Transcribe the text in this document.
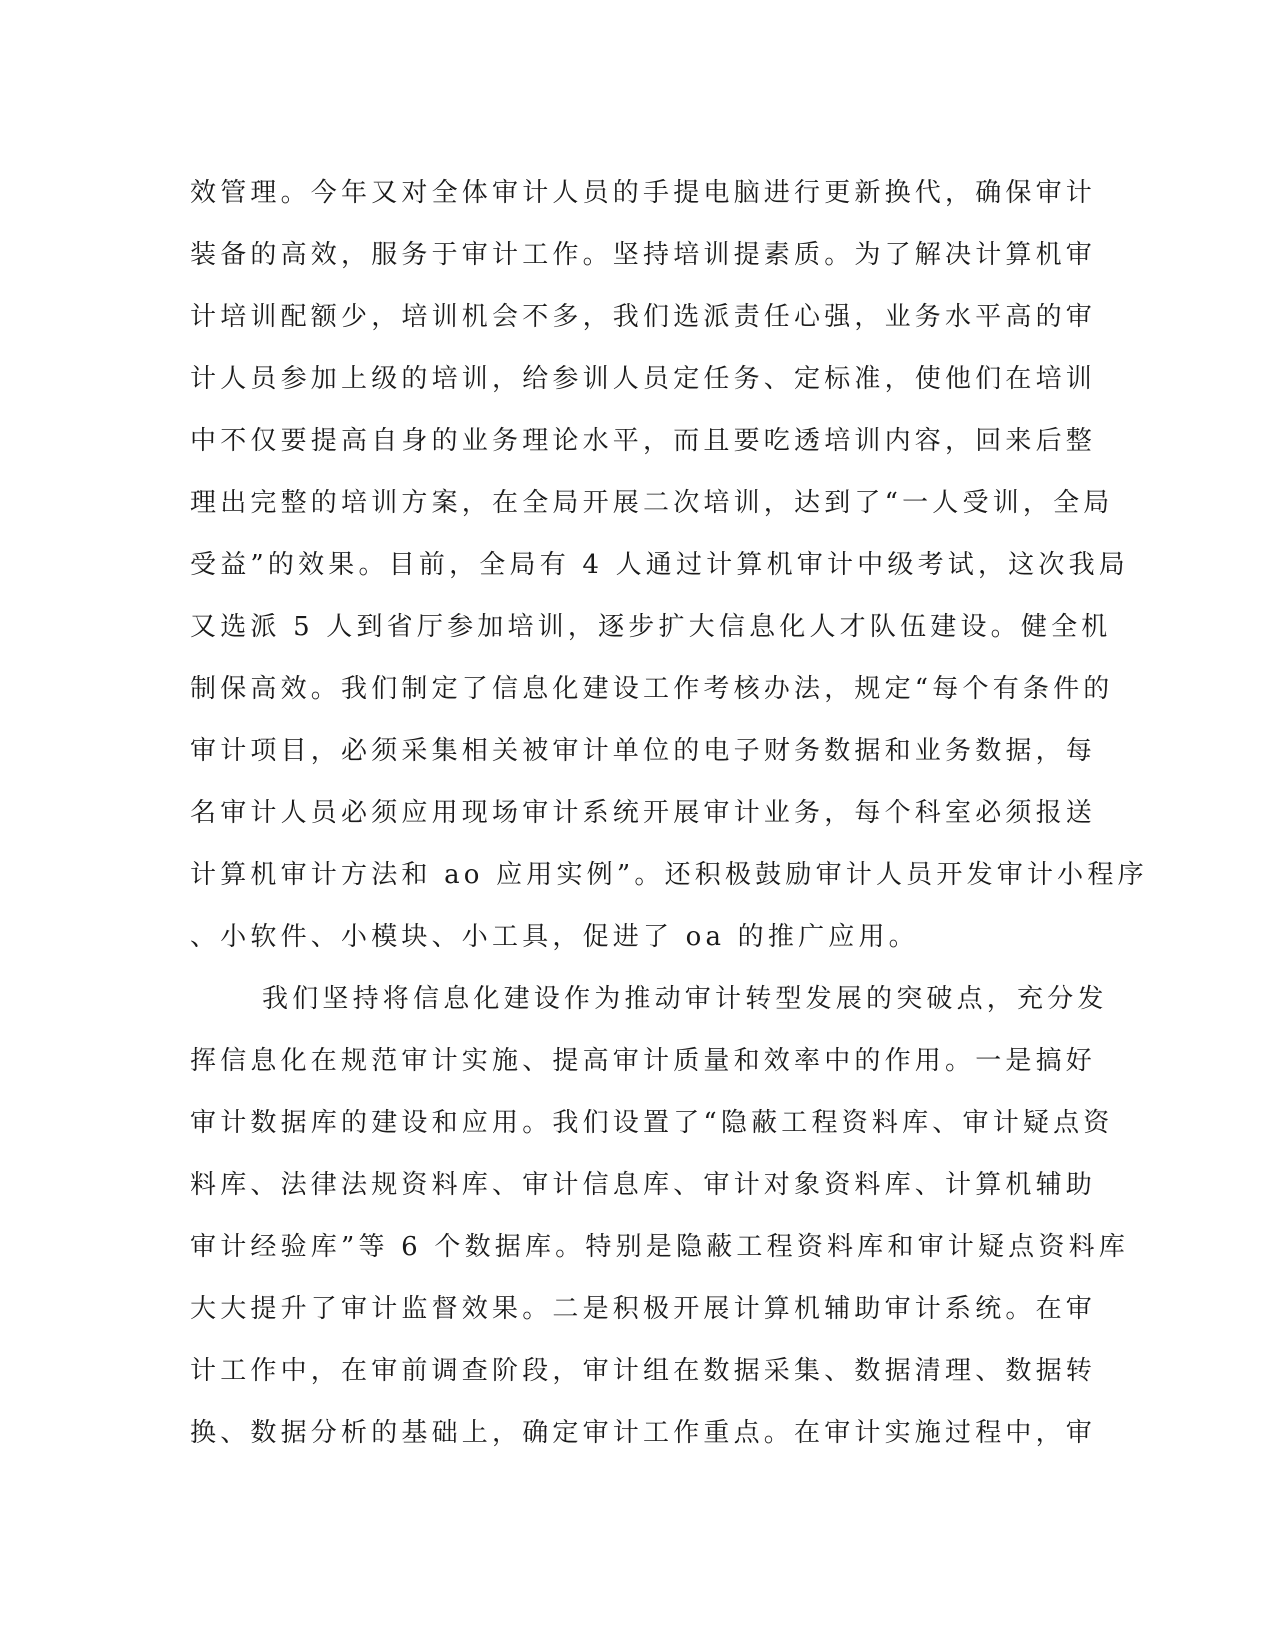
效管理。今年又对全体审计人员的手提电脑进行更新换代，确保审计
装备的高效，服务于审计工作。坚持培训提素质。为了解决计算机审
计培训配额少，培训机会不多，我们选派责任心强，业务水平高的审
计人员参加上级的培训，给参训人员定任务、定标准，使他们在培训
中不仅要提高自身的业务理论水平，而且要吃透培训内容，回来后整
理出完整的培训方案，在全局开展二次培训，达到了“一人受训，全局
受益”的效果。目前，全局有 4 人通过计算机审计中级考试，这次我局
又选派 5 人到省厅参加培训，逐步扩大信息化人才队伍建设。健全机
制保高效。我们制定了信息化建设工作考核办法，规定“每个有条件的
审计项目，必须采集相关被审计单位的电子财务数据和业务数据，每
名审计人员必须应用现场审计系统开展审计业务，每个科室必须报送
计算机审计方法和 ao 应用实例”。还积极鼓励审计人员开发审计小程序
、小软件、小模块、小工具，促进了 oa 的推广应用。
我们坚持将信息化建设作为推动审计转型发展的突破点，充分发
挥信息化在规范审计实施、提高审计质量和效率中的作用。一是搞好
审计数据库的建设和应用。我们设置了“隐蔽工程资料库、审计疑点资
料库、法律法规资料库、审计信息库、审计对象资料库、计算机辅助
审计经验库”等 6 个数据库。特别是隐蔽工程资料库和审计疑点资料库
大大提升了审计监督效果。二是积极开展计算机辅助审计系统。在审
计工作中，在审前调查阶段，审计组在数据采集、数据清理、数据转
换、数据分析的基础上，确定审计工作重点。在审计实施过程中，审
